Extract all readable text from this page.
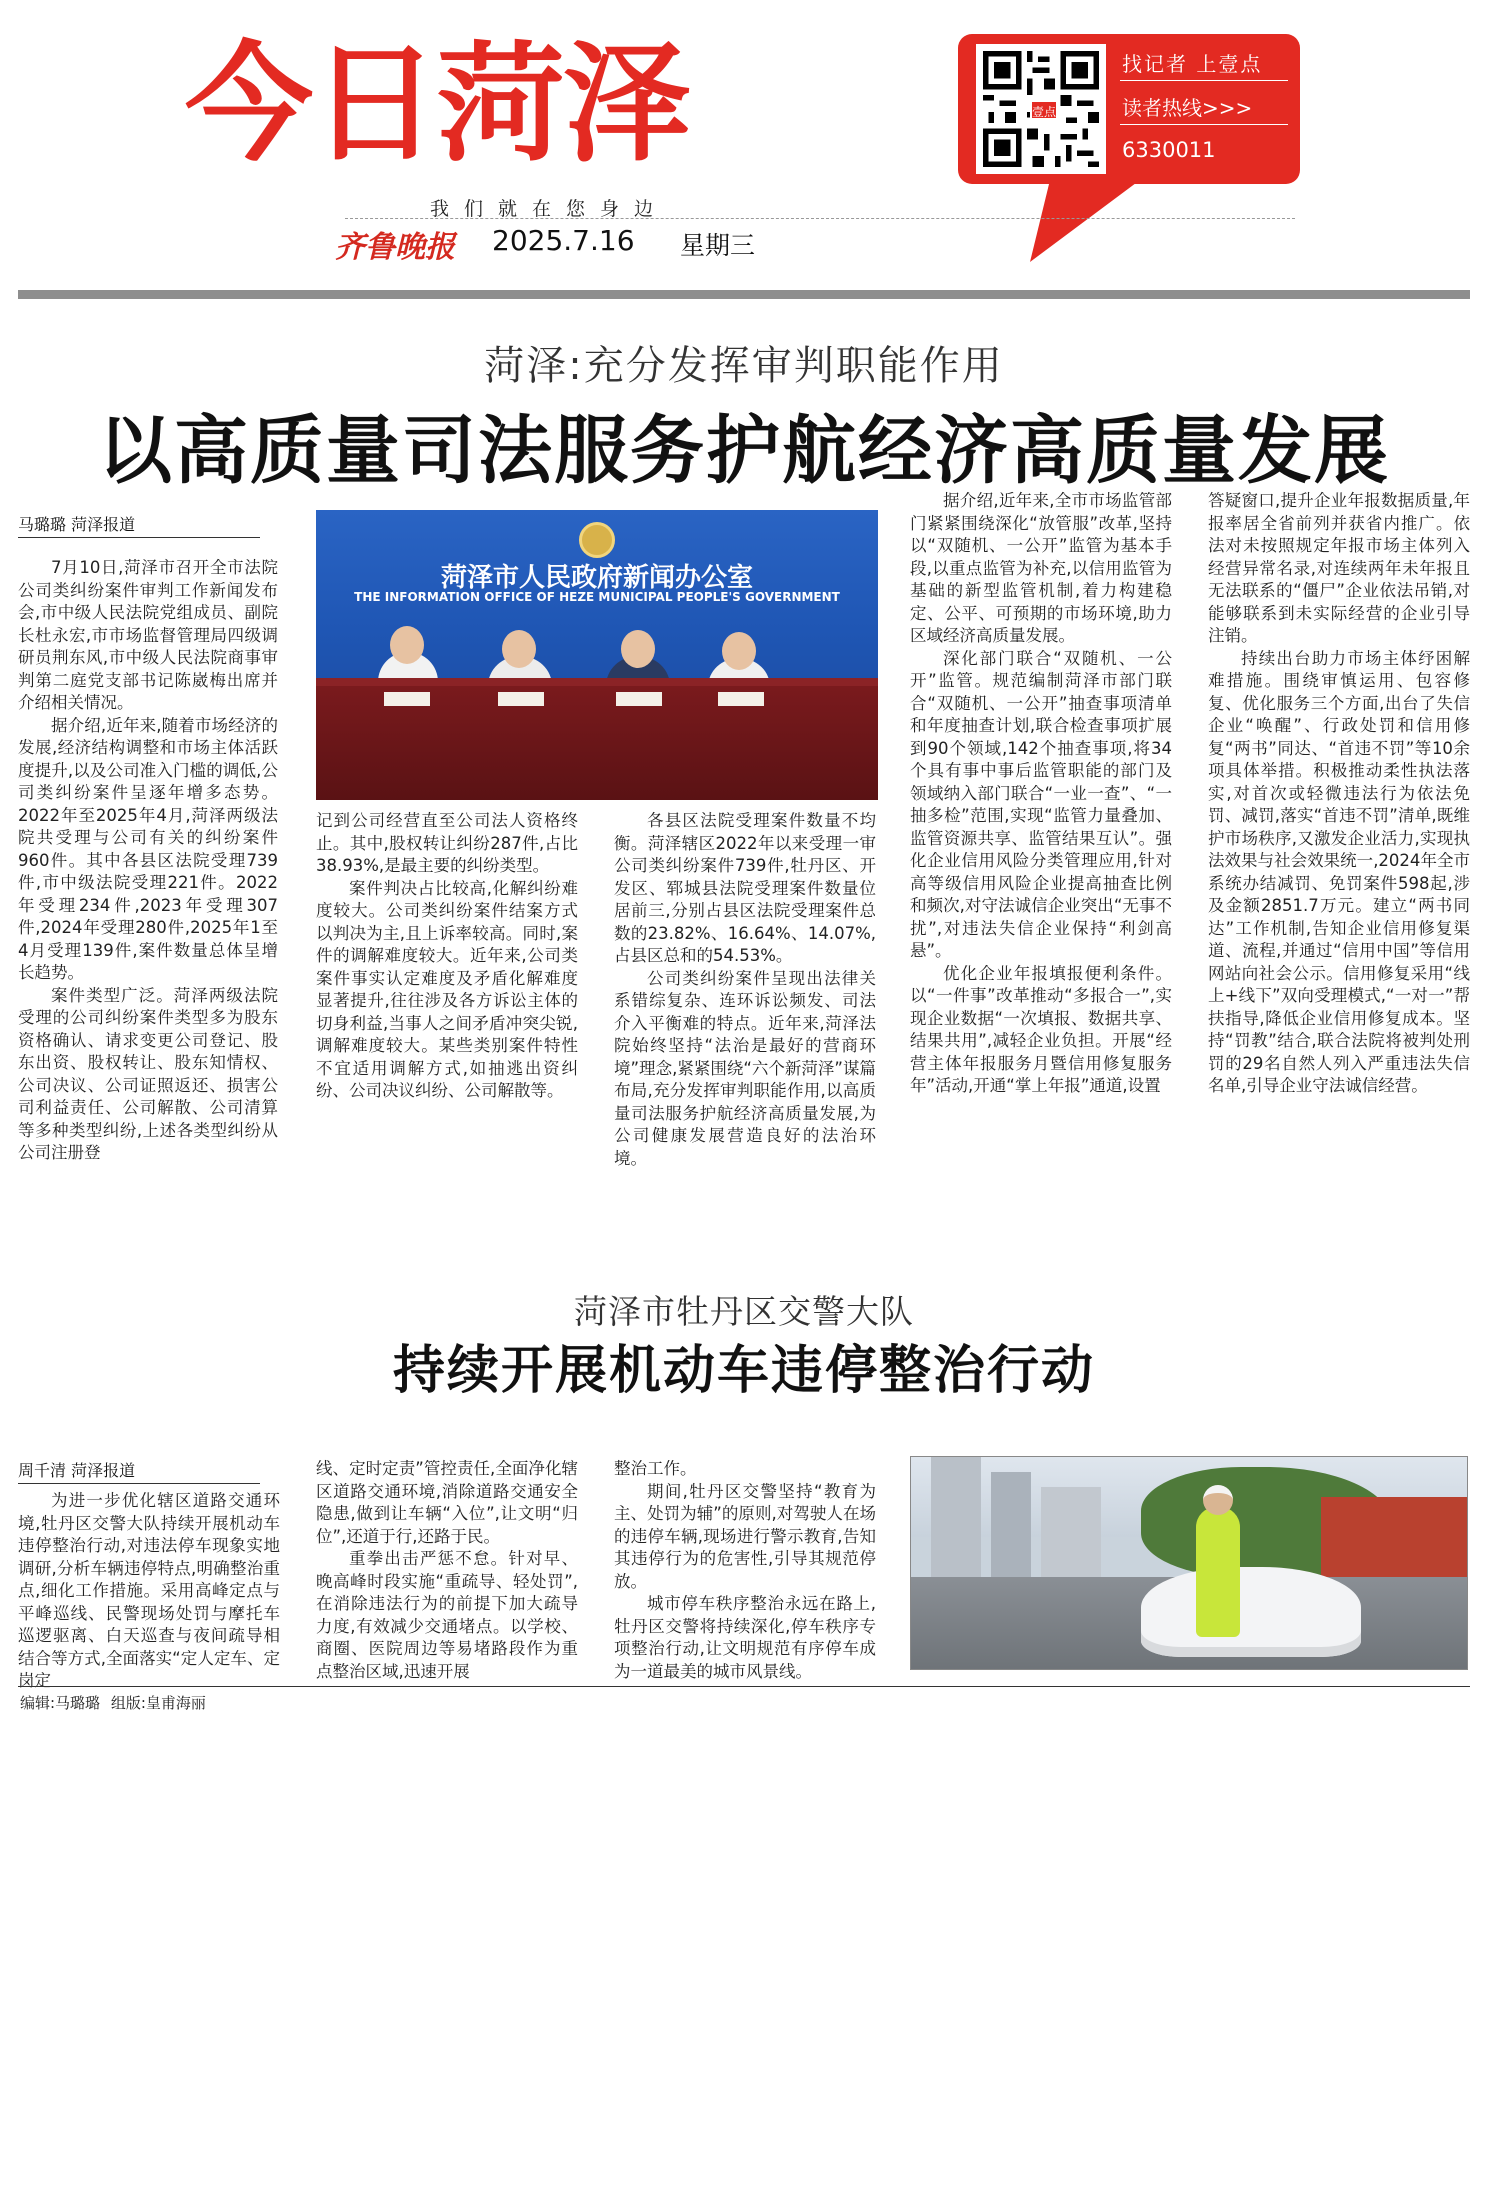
今日菏泽	壹点
找记者 上壹点
读者热线>>>
6330011
我们就在您身边
齐鲁晚报 2025.7.16 星期三
菏泽:充分发挥审判职能作用
以高质量司法服务护航经济高质量发展
马璐璐 菏泽报道

7月10日,菏泽市召开全市法院公司类纠纷案件审判工作新闻发布会,市中级人民法院党组成员、副院长杜永宏,市市场监督管理局四级调研员荆东风,市中级人民法院商事审判第二庭党支部书记陈崴梅出席并介绍相关情况。

据介绍,近年来,随着市场经济的发展,经济结构调整和市场主体活跃度提升,以及公司准入门槛的调低,公司类纠纷案件呈逐年增多态势。2022年至2025年4月,菏泽两级法院共受理与公司有关的纠纷案件960件。其中各县区法院受理739件,市中级法院受理221件。2022年受理234件,2023年受理307件,2024年受理280件,2025年1至4月受理139件,案件数量总体呈增长趋势。

案件类型广泛。菏泽两级法院受理的公司纠纷案件类型多为股东资格确认、请求变更公司登记、股东出资、股权转让、股东知情权、公司决议、公司证照返还、损害公司利益责任、公司解散、公司清算等多种类型纠纷,上述各类型纠纷从公司注册登

菏泽市人民政府新闻办公室
THE INFORMATION OFFICE OF HEZE MUNICIPAL PEOPLE'S GOVERNMENT

记到公司经营直至公司法人资格终止。其中,股权转让纠纷287件,占比38.93%,是最主要的纠纷类型。

案件判决占比较高,化解纠纷难度较大。公司类纠纷案件结案方式以判决为主,且上诉率较高。同时,案件的调解难度较大。近年来,公司类案件事实认定难度及矛盾化解难度显著提升,往往涉及各方诉讼主体的切身利益,当事人之间矛盾冲突尖锐,调解难度较大。某些类别案件特性不宜适用调解方式,如抽逃出资纠纷、公司决议纠纷、公司解散等。

各县区法院受理案件数量不均衡。菏泽辖区2022年以来受理一审公司类纠纷案件739件,牡丹区、开发区、郓城县法院受理案件数量位居前三,分别占县区法院受理案件总数的23.82%、16.64%、14.07%,占县区总和的54.53%。

公司类纠纷案件呈现出法律关系错综复杂、连环诉讼频发、司法介入平衡难的特点。近年来,菏泽法院始终坚持“法治是最好的营商环境”理念,紧紧围绕“六个新菏泽”谋篇布局,充分发挥审判职能作用,以高质量司法服务护航经济高质量发展,为公司健康发展营造良好的法治环境。

据介绍,近年来,全市市场监管部门紧紧围绕深化“放管服”改革,坚持以“双随机、一公开”监管为基本手段,以重点监管为补充,以信用监管为基础的新型监管机制,着力构建稳定、公平、可预期的市场环境,助力区域经济高质量发展。

深化部门联合“双随机、一公开”监管。规范编制菏泽市部门联合“双随机、一公开”抽查事项清单和年度抽查计划,联合检查事项扩展到90个领域,142个抽查事项,将34个具有事中事后监管职能的部门及领域纳入部门联合“一业一查”、“一抽多检”范围,实现“监管力量叠加、监管资源共享、监管结果互认”。强化企业信用风险分类管理应用,针对高等级信用风险企业提高抽查比例和频次,对守法诚信企业突出“无事不扰”,对违法失信企业保持“利剑高悬”。

优化企业年报填报便利条件。以“一件事”改革推动“多报合一”,实现企业数据“一次填报、数据共享、结果共用”,减轻企业负担。开展“经营主体年报服务月暨信用修复服务年”活动,开通“掌上年报”通道,设置

答疑窗口,提升企业年报数据质量,年报率居全省前列并获省内推广。依法对未按照规定年报市场主体列入经营异常名录,对连续两年未年报且无法联系的“僵尸”企业依法吊销,对能够联系到未实际经营的企业引导注销。

持续出台助力市场主体纾困解难措施。围绕审慎运用、包容修复、优化服务三个方面,出台了失信企业“唤醒”、行政处罚和信用修复“两书”同达、“首违不罚”等10余项具体举措。积极推动柔性执法落实,对首次或轻微违法行为依法免罚、减罚,落实“首违不罚”清单,既维护市场秩序,又激发企业活力,实现执法效果与社会效果统一,2024年全市系统办结减罚、免罚案件598起,涉及金额2851.7万元。建立“两书同达”工作机制,告知企业信用修复渠道、流程,并通过“信用中国”等信用网站向社会公示。信用修复采用“线上+线下”双向受理模式,“一对一”帮扶指导,降低企业信用修复成本。坚持“罚教”结合,联合法院将被判处刑罚的29名自然人列入严重违法失信名单,引导企业守法诚信经营。

菏泽市牡丹区交警大队
持续开展机动车违停整治行动
周千清 菏泽报道

为进一步优化辖区道路交通环境,牡丹区交警大队持续开展机动车违停整治行动,对违法停车现象实地调研,分析车辆违停特点,明确整治重点,细化工作措施。采用高峰定点与平峰巡线、民警现场处罚与摩托车巡逻驱离、白天巡查与夜间疏导相结合等方式,全面落实“定人定车、定岗定

线、定时定责”管控责任,全面净化辖区道路交通环境,消除道路交通安全隐患,做到让车辆“入位”,让文明“归位”,还道于行,还路于民。

重拳出击严惩不怠。针对早、晚高峰时段实施“重疏导、轻处罚”,在消除违法行为的前提下加大疏导力度,有效减少交通堵点。以学校、商圈、医院周边等易堵路段作为重点整治区域,迅速开展

整治工作。

期间,牡丹区交警坚持“教育为主、处罚为辅”的原则,对驾驶人在场的违停车辆,现场进行警示教育,告知其违停行为的危害性,引导其规范停放。

城市停车秩序整治永远在路上,牡丹区交警将持续深化,停车秩序专项整治行动,让文明规范有序停车成为一道最美的城市风景线。

编辑:马璐璐 组版:皇甫海丽
